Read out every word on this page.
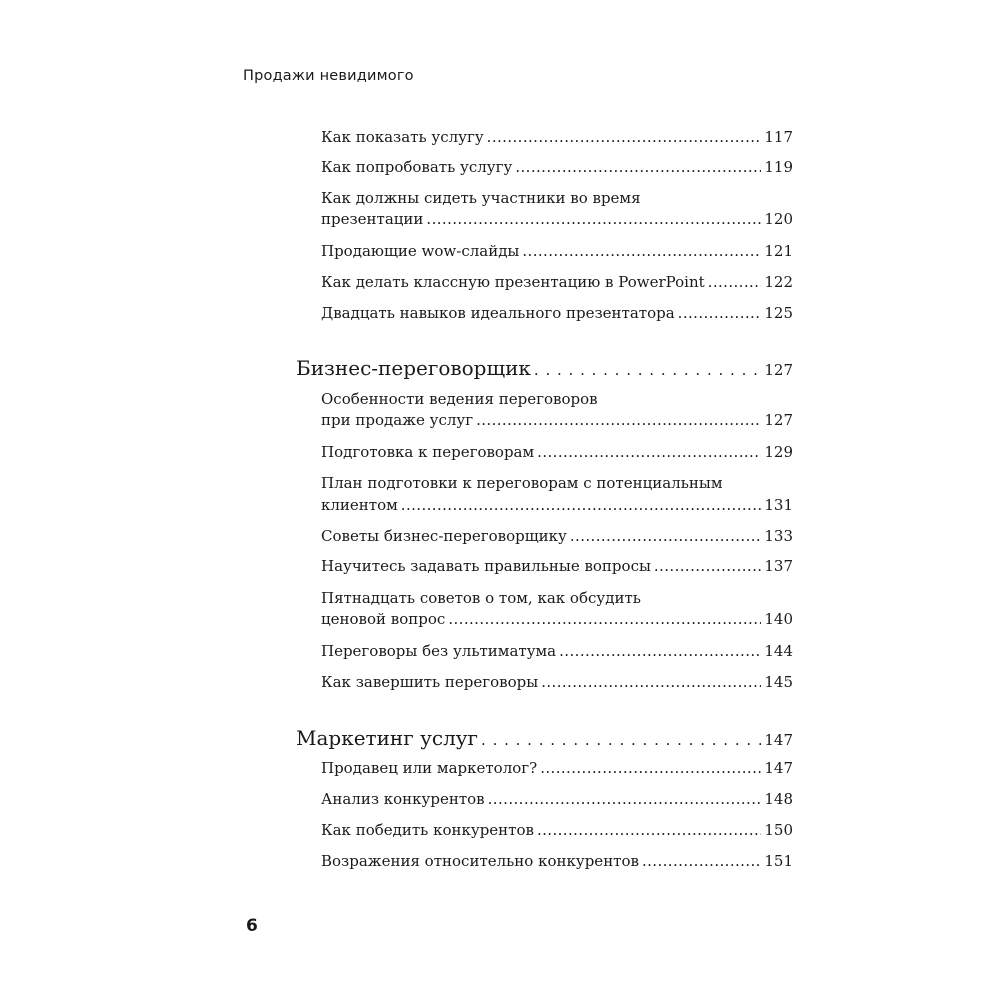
Продажи невидимого
Как показать услугу .....	117
Как попробовать услугу .....	119
Как должны сидеть участники во время
презентации .....	120
Продающие wow-слайды .....	121
Как делать классную презентацию в PowerPoint .....	122
Двадцать навыков идеального презентатора .....	125
Бизнес-переговорщик . . .	127
Особенности ведения переговоров
при продаже услуг .....	127
Подготовка к переговорам .....	129
План подготовки к переговорам с потенциальным
клиентом .....	131
Советы бизнес-переговорщику .....	133
Научитесь задавать правильные вопросы .....	137
Пятнадцать советов о том, как обсудить
ценовой вопрос .....	140
Переговоры без ультиматума .....	144
Как завершить переговоры .....	145
Маркетинг услуг . . .	147
Продавец или маркетолог? .....	147
Анализ конкурентов .....	148
Как победить конкурентов .....	150
Возражения относительно конкурентов .....	151
6
